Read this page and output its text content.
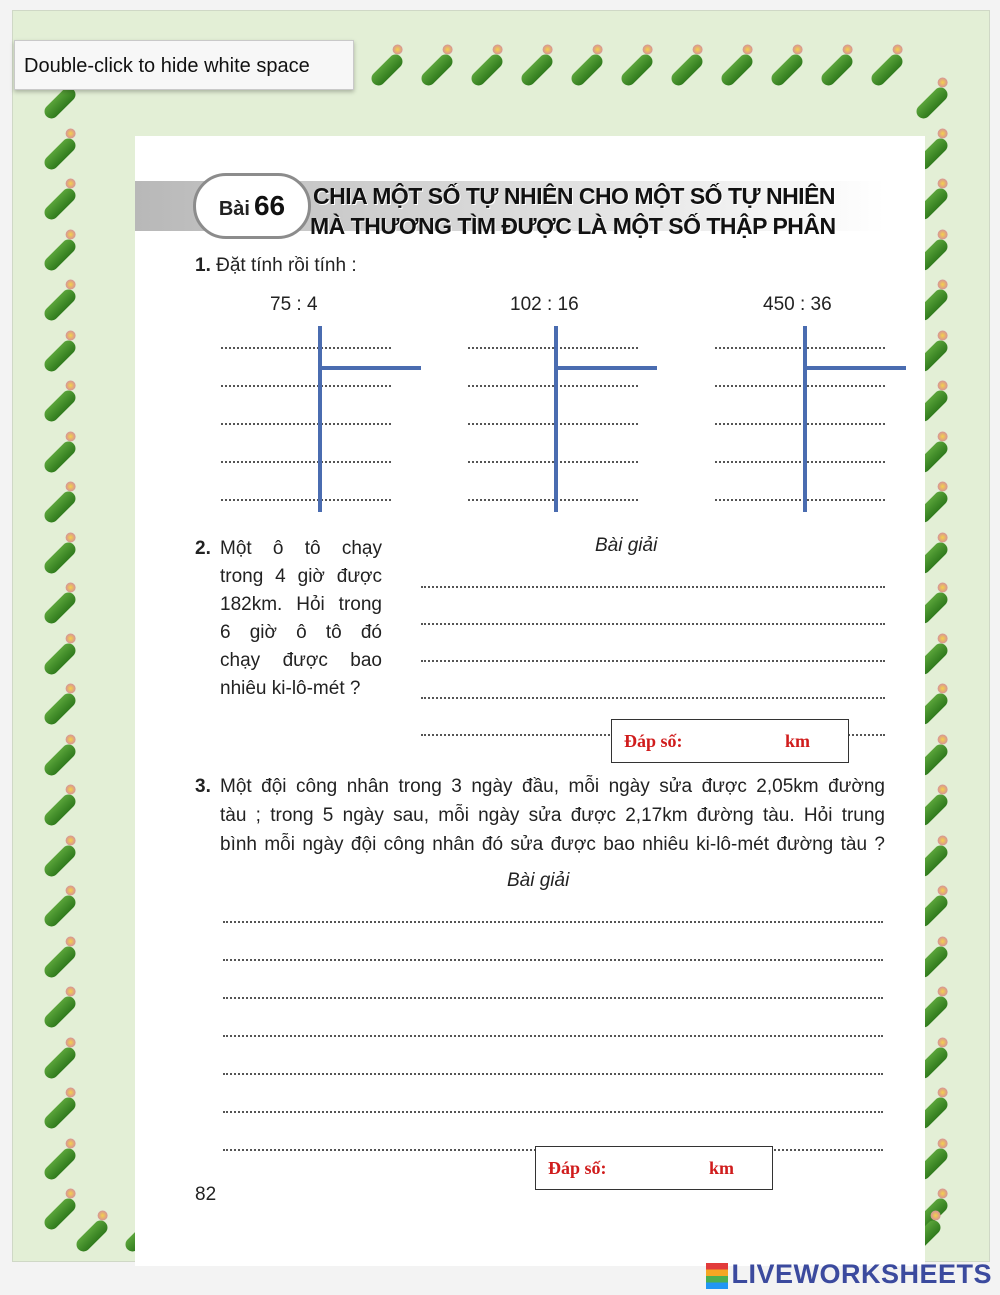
Bài 66	CHIA MỘT SỐ TỰ NHIÊN CHO MỘT SỐ TỰ NHIÊN
MÀ THƯƠNG TÌM ĐƯỢC LÀ MỘT SỐ THẬP PHÂN
1. Đặt tính rồi tính :
75 : 4	102 : 16	450 : 36
2. Một ô tô chạy
trong 4 giờ được
182km. Hỏi trong
6 giờ ô tô đó
chạy được bao
nhiêu ki-lô-mét ?
Bài giải
Đáp số:	km
3. Một đội công nhân trong 3 ngày đầu, mỗi ngày sửa được 2,05km đường
tàu ; trong 5 ngày sau, mỗi ngày sửa được 2,17km đường tàu. Hỏi trung
bình mỗi ngày đội công nhân đó sửa được bao nhiêu ki-lô-mét đường tàu ?
Bài giải
Đáp số:	km
82
Double-click to hide white space
LIVEWORKSHEETS
